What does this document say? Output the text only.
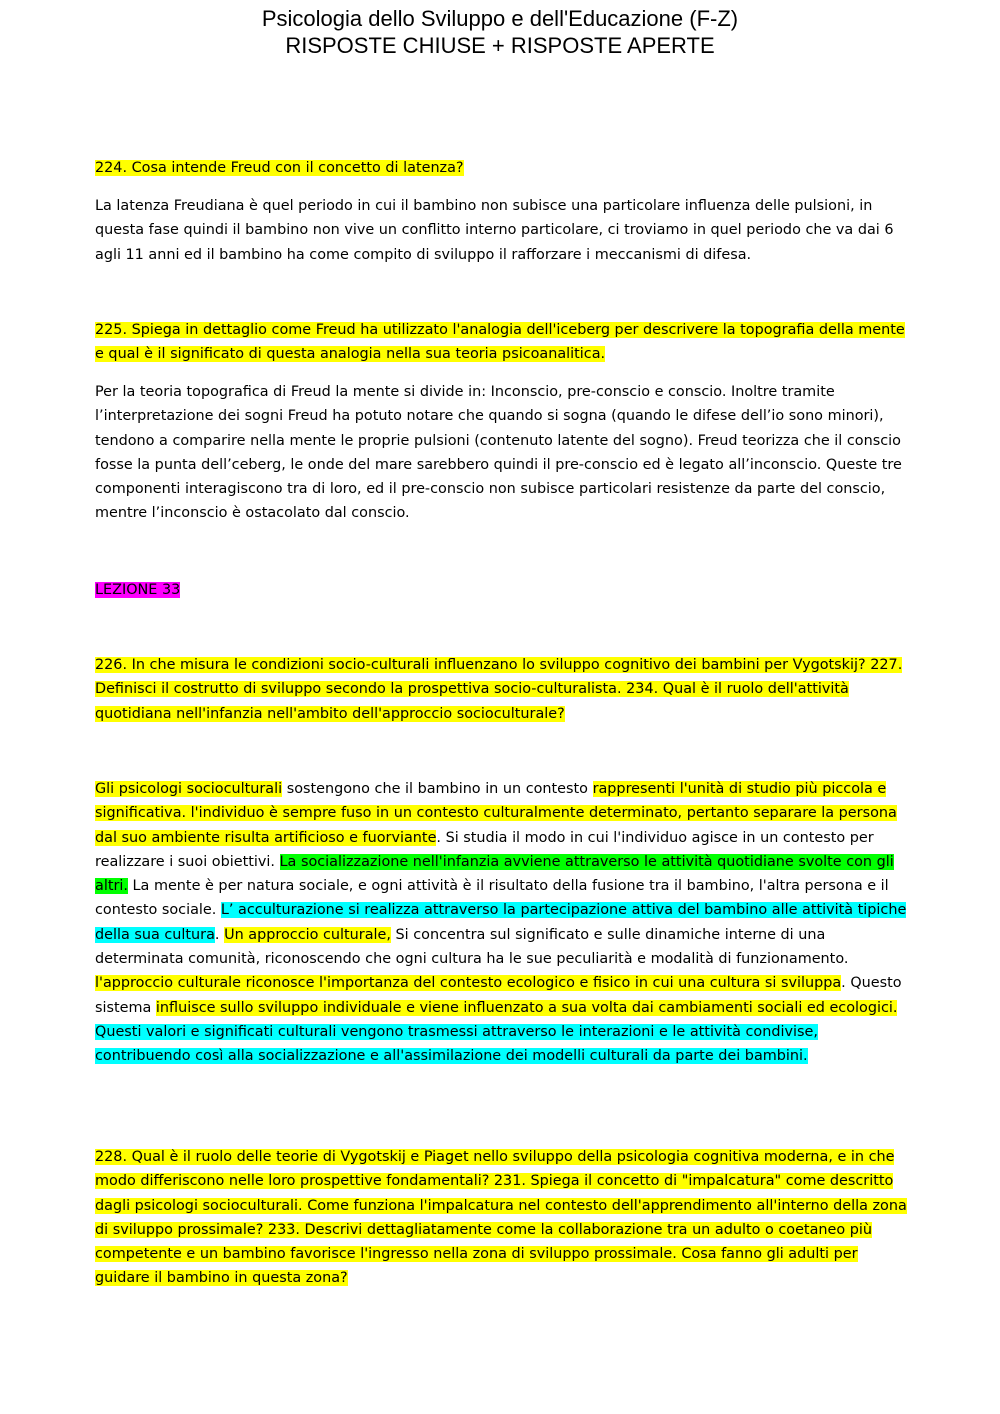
Psicologia dello Sviluppo e dell'Educazione (F-Z)
RISPOSTE CHIUSE + RISPOSTE APERTE

224. Cosa intende Freud con il concetto di latenza?

La latenza Freudiana è quel periodo in cui il bambino non subisce una particolare influenza delle pulsioni, in questa fase quindi il bambino non vive un conflitto interno particolare, ci troviamo in quel periodo che va dai 6 agli 11 anni ed il bambino ha come compito di sviluppo il rafforzare i meccanismi di difesa.

225. Spiega in dettaglio come Freud ha utilizzato l'analogia dell'iceberg per descrivere la topografia della mente e qual è il significato di questa analogia nella sua teoria psicoanalitica.

Per la teoria topografica di Freud la mente si divide in: Inconscio, pre-conscio e conscio. Inoltre tramite l’interpretazione dei sogni Freud ha potuto notare che quando si sogna (quando le difese dell’io sono minori), tendono a comparire nella mente le proprie pulsioni (contenuto latente del sogno). Freud teorizza che il conscio fosse la punta dell’ceberg, le onde del mare sarebbero quindi il pre-conscio ed è legato all’inconscio. Queste tre componenti interagiscono tra di loro, ed il pre-conscio non subisce particolari resistenze da parte del conscio, mentre l’inconscio è ostacolato dal conscio.

LEZIONE 33

226. In che misura le condizioni socio-culturali influenzano lo sviluppo cognitivo dei bambini per Vygotskij? 227. Definisci il costrutto di sviluppo secondo la prospettiva socio-culturalista. 234. Qual è il ruolo dell'attività quotidiana nell'infanzia nell'ambito dell'approccio socioculturale?

Gli psicologi socioculturali sostengono che il bambino in un contesto rappresenti l'unità di studio più piccola e significativa. l'individuo è sempre fuso in un contesto culturalmente determinato, pertanto separare la persona dal suo ambiente risulta artificioso e fuorviante. Si studia il modo in cui l'individuo agisce in un contesto per realizzare i suoi obiettivi. La socializzazione nell'infanzia avviene attraverso le attività quotidiane svolte con gli altri. La mente è per natura sociale, e ogni attività è il risultato della fusione tra il bambino, l'altra persona e il contesto sociale. L’ acculturazione si realizza attraverso la partecipazione attiva del bambino alle attività tipiche della sua cultura. Un approccio culturale, Si concentra sul significato e sulle dinamiche interne di una determinata comunità, riconoscendo che ogni cultura ha le sue peculiarità e modalità di funzionamento. l'approccio culturale riconosce l'importanza del contesto ecologico e fisico in cui una cultura si sviluppa. Questo sistema influisce sullo sviluppo individuale e viene influenzato a sua volta dai cambiamenti sociali ed ecologici. Questi valori e significati culturali vengono trasmessi attraverso le interazioni e le attività condivise, contribuendo così alla socializzazione e all'assimilazione dei modelli culturali da parte dei bambini.

228. Qual è il ruolo delle teorie di Vygotskij e Piaget nello sviluppo della psicologia cognitiva moderna, e in che modo differiscono nelle loro prospettive fondamentali? 231. Spiega il concetto di "impalcatura" come descritto dagli psicologi socioculturali. Come funziona l'impalcatura nel contesto dell'apprendimento all'interno della zona di sviluppo prossimale? 233. Descrivi dettagliatamente come la collaborazione tra un adulto o coetaneo più competente e un bambino favorisce l'ingresso nella zona di sviluppo prossimale. Cosa fanno gli adulti per guidare il bambino in questa zona?
